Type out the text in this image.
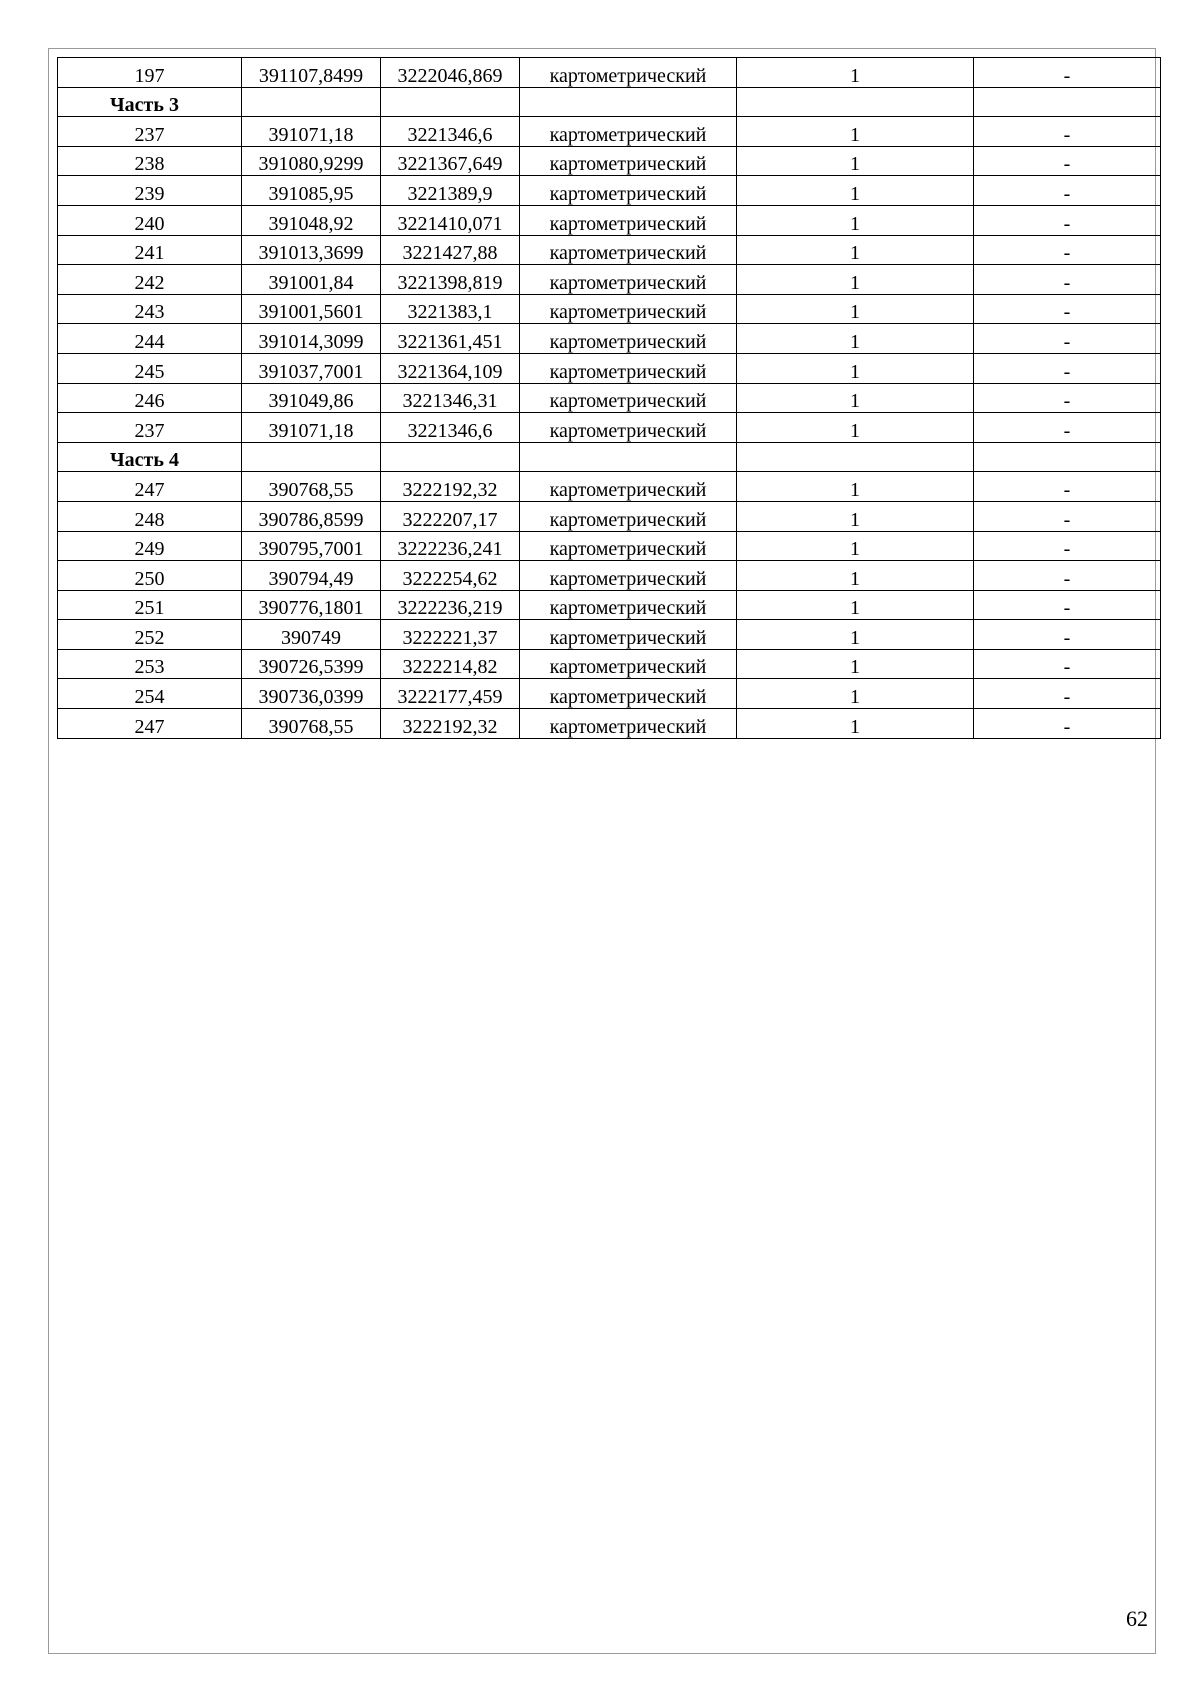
197	391107,8499	3222046,869	картометрический	1	-
Часть 3					
237	391071,18	3221346,6	картометрический	1	-
238	391080,9299	3221367,649	картометрический	1	-
239	391085,95	3221389,9	картометрический	1	-
240	391048,92	3221410,071	картометрический	1	-
241	391013,3699	3221427,88	картометрический	1	-
242	391001,84	3221398,819	картометрический	1	-
243	391001,5601	3221383,1	картометрический	1	-
244	391014,3099	3221361,451	картометрический	1	-
245	391037,7001	3221364,109	картометрический	1	-
246	391049,86	3221346,31	картометрический	1	-
237	391071,18	3221346,6	картометрический	1	-
Часть 4					
247	390768,55	3222192,32	картометрический	1	-
248	390786,8599	3222207,17	картометрический	1	-
249	390795,7001	3222236,241	картометрический	1	-
250	390794,49	3222254,62	картометрический	1	-
251	390776,1801	3222236,219	картометрический	1	-
252	390749	3222221,37	картометрический	1	-
253	390726,5399	3222214,82	картометрический	1	-
254	390736,0399	3222177,459	картометрический	1	-
247	390768,55	3222192,32	картометрический	1	-
62
